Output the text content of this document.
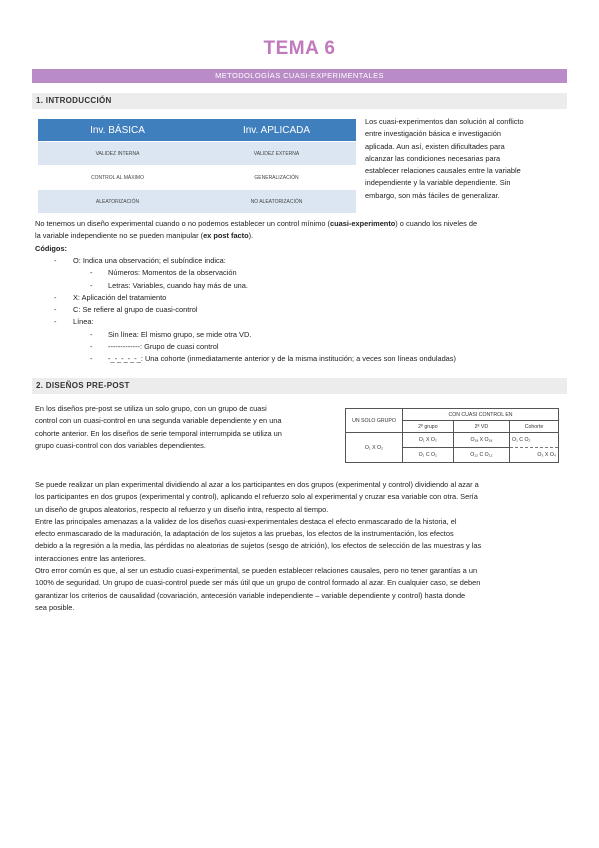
TEMA 6
METODOLOGÍAS CUASI-EXPERIMENTALES
1. INTRODUCCIÓN
Inv. BÁSICA	Inv. APLICADA
VALIDEZ INTERNA	VALIDEZ EXTERNA
CONTROL AL MÁXIMO	GENERALIZACIÓN
ALEATORIZACIÓN	NO ALEATORIZACIÓN
Los cuasi-experimentos dan solución al conflicto
entre investigación básica e investigación
aplicada. Aun así, existen dificultades para
alcanzar las condiciones necesarias para
establecer relaciones causales entre la variable
independiente y la variable dependiente. Sin
embargo, son más fáciles de generalizar.
No tenemos un diseño experimental cuando o no podemos establecer un control mínimo (cuasi-experimento) o cuando los niveles de
la variable independiente no se pueden manipular (ex post facto).
Códigos:
- O: Indica una observación; el subíndice indica:
- Números: Momentos de la observación
- Letras: Variables, cuando hay más de una.
- X: Aplicación del tratamiento
- C: Se refiere al grupo de cuasi-control
- Línea:
- Sin línea: El mismo grupo, se mide otra VD.
- -------------: Grupo de cuasi control
- -_-_-_-_-_: Una cohorte (inmediatamente anterior y de la misma institución; a veces son líneas onduladas)
2. DISEÑOS PRE-POST
En los diseños pre-post se utiliza un solo grupo, con un grupo de cuasi
control con un cuasi-control en una segunda variable dependiente y en una
cohorte anterior. En los diseños de serie temporal interrumpida se utiliza un
grupo cuasi-control con dos variables dependientes.
UN SOLO GRUPO	CON CUASI CONTROL EN		
	2º grupo	2ª VD	Cohorte
O₁ X O₂	O₁ X O₂	O₁ₐ X O₁ₐ	O₁ C O₂
	O₁ C O₂	O₁₂ C O₁₂	O₃ X O₄
Se puede realizar un plan experimental dividiendo al azar a los participantes en dos grupos (experimental y control) dividiendo al azar a
los participantes en dos grupos (experimental y control), aplicando el refuerzo solo al experimental y cruzar esa variable con otra. Sería
un diseño de grupos aleatorios, respecto al refuerzo y un diseño intra, respecto al tiempo.
Entre las principales amenazas a la validez de los diseños cuasi-experimentales destaca el efecto enmascarado de la historia, el
efecto enmascarado de la maduración, la adaptación de los sujetos a las pruebas, los efectos de la instrumentación, los efectos
debido a la regresión a la media, las pérdidas no aleatorias de sujetos (sesgo de atrición), los efectos de selección de las muestras y las
interacciones entre las anteriores.
Otro error común es que, al ser un estudio cuasi-experimental, se pueden establecer relaciones causales, pero no tener garantías a un
100% de seguridad. Un grupo de cuasi-control puede ser más útil que un grupo de control formado al azar. En cualquier caso, se deben
garantizar los criterios de causalidad (covariación, antecesión variable independiente – variable dependiente y control) hasta donde
sea posible.
